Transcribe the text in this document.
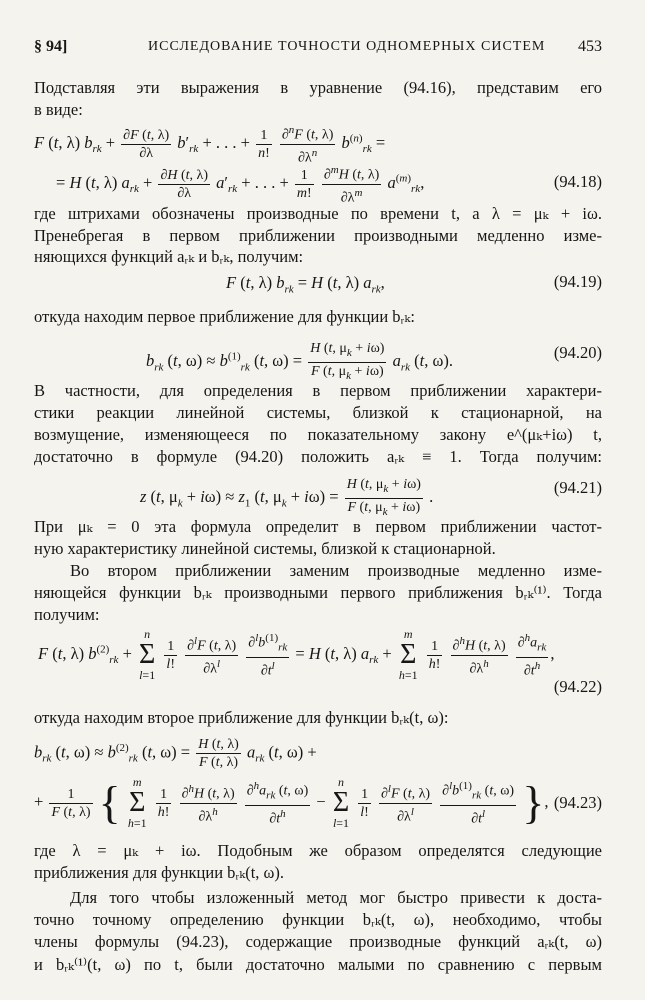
§ 94]	ИССЛЕДОВАНИЕ ТОЧНОСТИ ОДНОМЕРНЫХ СИСТЕМ 453
Подставляя эти выражения в уравнение (94.16), представим его
в виде:
F (t, λ) $b_{rk} + \frac{\partial F (t, \lambda)}{\partial\lambda} b'_{rk}$ + . . . + $\frac{1}{n!}$
$\frac{\partial^nF (t, \lambda)}{\partial\lambda^n} b^{(n)}_{rk}$ =
= H (t, λ) $a_{rk} + \frac{\partial H (t, \lambda)}{\partial\lambda} a'_{rk}$ + . . . + $\frac{1}{m!}$
$\frac{\partial^mH (t, \lambda)}{\partial\lambda^m} a^{(m)}_{rk}$,	(94.18)
где штрихами обозначены производные по времени t, а λ = μₖ + iω.
Пренебрегая в первом приближении производными медленно изме-
няющихся функций aᵣₖ и bᵣₖ, получим:
F (t, λ) $b_{rk} = H$ (t, λ) $a_{rk}$,	(94.19)
откуда находим первое приближение для функции bᵣₖ:
$b_{rk}$ (t, $\omega) \approx b^{(1)}_{rk}$ (t, $\omega) = \frac{H (t, \mu_k + i\omega)}{F (t, \mu_k + i\omega)} a_{rk}$ (t, ω).	(94.20)
В частности, для определения в первом приближении характери-
стики реакции линейной системы, близкой к стационарной, на
возмущение, изменяющееся по показательному закону e^(μₖ+iω) t,
достаточно в формуле (94.20) положить aᵣₖ ≡ 1. Тогда получим:
z (t, $\mu_k + i\omega) \approx z_1$ (t, $\mu_k + i\omega) = \frac{H (t, \mu_k + i\omega)}{F (t, \mu_k + i\omega)}$ .	(94.21)
При μₖ = 0 эта формула определит в первом приближении частот-
ную характеристику линейной системы, близкой к стационарной.
Во втором приближении заменим производные медленно изме-
няющейся функции bᵣₖ производными первого приближения bᵣₖ⁽¹⁾. Тогда
получим:
F (t, λ) $b^{(2)}_{rk} + n$
Σ
l=1
$\frac{1}{l!}$
$\frac{\partial^lF (t, \lambda)}{\partial\lambda^l}$
$\frac{\partial^lb^{(1)}_{rk}}{\partial t^l} = H$ (t, λ) $a_{rk} + m$
Σ
h=1
$\frac{1}{h!}$
$\frac{\partial^hH (t, \lambda)}{\partial\lambda^h}$
$\frac{\partial^ha_{rk}}{\partial t^h}$ ,
(94.22)
откуда находим второе приближение для функции bᵣₖ(t, ω):
$b_{rk}$ (t, $\omega) \approx b^{(2)}_{rk}$ (t, $\omega) = \frac{H (t, \lambda)}{F (t, \lambda)} a_{rk}$ (t, ω) +
+ $\frac{1}{F (t, \lambda)}$ { m
Σ
h=1
$\frac{1}{h!}$
$\frac{\partial^hH (t, \lambda)}{\partial\lambda^h}$
$\frac{\partial^ha_{rk} (t, \omega)}{\partial t^h} - n$
Σ
l=1
$\frac{1}{l!}$
$\frac{\partial^lF (t, \lambda)}{\partial\lambda^l}$
$\frac{\partial^lb^{(1)}_{rk} (t, \omega)}{\partial t^l}$ }, (94.23)
где λ = μₖ + iω. Подобным же образом определятся следующие
приближения для функции bᵣₖ(t, ω).
Для того чтобы изложенный метод мог быстро привести к доста-
точно точному определению функции bᵣₖ(t, ω), необходимо, чтобы
члены формулы (94.23), содержащие производные функций aᵣₖ(t, ω)
и bᵣₖ⁽¹⁾(t, ω) по t, были достаточно малыми по сравнению с первым
